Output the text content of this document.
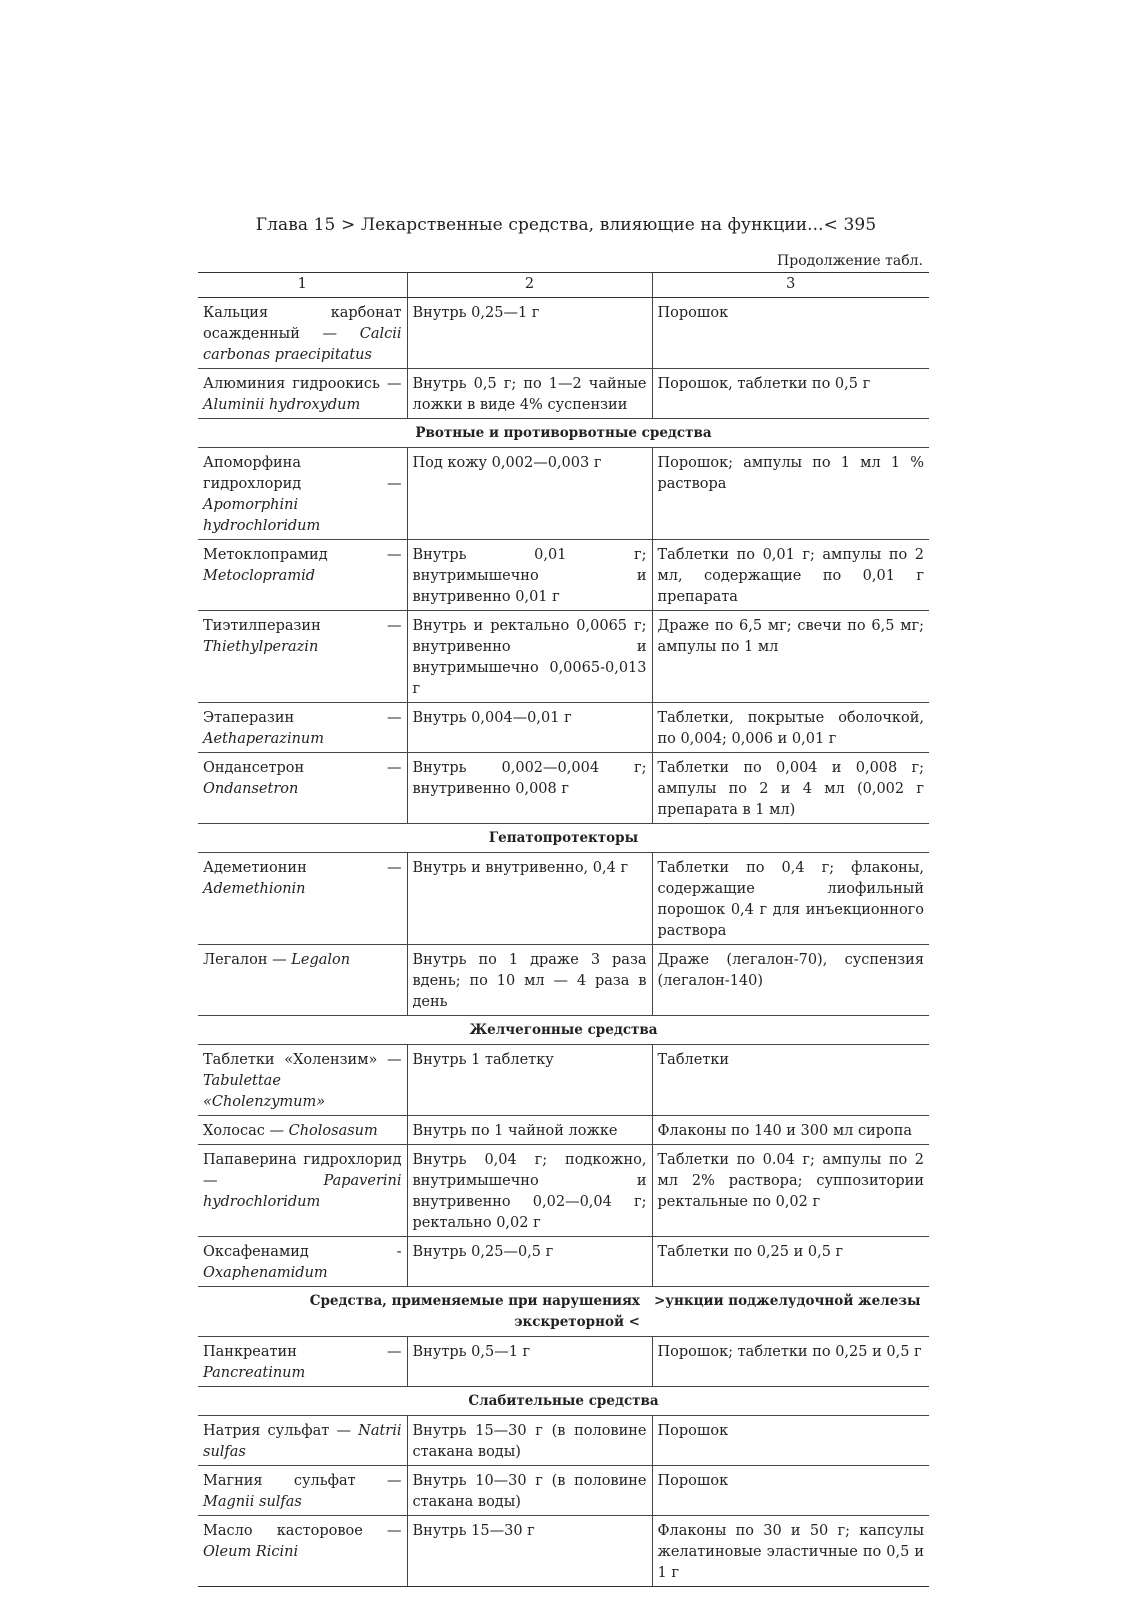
Глава 15 > Лекарственные средства, влияющие на функции...< 395
Продолжение табл.
1	2	3
Кальция карбонат осажденный — Calcii carbonas praecipitatus	Внутрь 0,25—1 г	Порошок
Алюминия гидроокись — Aluminii hydroxydum	Внутрь 0,5 г; по 1—2 чайные ложки в виде 4% суспензии	Порошок, таблетки по 0,5 г
Рвотные и противорвотные средства		
Апоморфина гидрохлорид — Apomorphini hydrochloridum	Под кожу 0,002—0,003 г	Порошок; ампулы по 1 мл 1 % раствора
Метоклопрамид — Metoclopramid	Внутрь 0,01 г; внутримышечно и внутривенно 0,01 г	Таблетки по 0,01 г; ампулы по 2 мл, содержащие по 0,01 г препарата
Тиэтилперазин — Thiethylperazin	Внутрь и ректально 0,0065 г; внутривенно и внутримышечно 0,0065-0,013 г	Драже по 6,5 мг; свечи по 6,5 мг; ампулы по 1 мл
Этаперазин — Aethaperazinum	Внутрь 0,004—0,01 г	Таблетки, покрытые оболочкой, по 0,004; 0,006 и 0,01 г
Ондансетрон — Ondansetron	Внутрь 0,002—0,004 г; внутривенно 0,008 г	Таблетки по 0,004 и 0,008 г; ампулы по 2 и 4 мл (0,002 г препарата в 1 мл)
Гепатопротекторы		
Адеметионин — Ademethionin	Внутрь и внутривенно, 0,4 г	Таблетки по 0,4 г; флаконы, содержащие лиофильный порошок 0,4 г для инъекционного раствора
Легалон — Legalon	Внутрь по 1 драже 3 раза вдень; по 10 мл — 4 раза в день	Драже (легалон-70), суспензия (легалон-140)
Желчегонные средства		
Таблетки «Холензим» — Tabulettae «Cholenzymum»	Внутрь 1 таблетку	Таблетки
Холосас — Cholosasum	Внутрь по 1 чайной ложке	Флаконы по 140 и 300 мл сиропа
Папаверина гидрохлорид — Papaverini hydrochloridum	Внутрь 0,04 г; подкожно, внутримышечно и внутривенно 0,02—0,04 г; ректально 0,02 г	Таблетки по 0.04 г; ампулы по 2 мл 2% раствора; суппозитории ректальные по 0,02 г
Оксафенамид - Oxaphenamidum	Внутрь 0,25—0,5 г	Таблетки по 0,25 и 0,5 г
Средства, применяемые при нарушениях экскреторной <		>ункции поджелудочной железы
Панкреатин — Pancreatinum	Внутрь 0,5—1 г	Порошок; таблетки по 0,25 и 0,5 г
Слабительные средства		
Натрия сульфат — Natrii sulfas	Внутрь 15—30 г (в половине стакана воды)	Порошок
Магния сульфат — Magnii sulfas	Внутрь 10—30 г (в половине стакана воды)	Порошок
Масло касторовое — Oleum Ricini	Внутрь 15—30 г	Флаконы по 30 и 50 г; капсулы желатиновые эластичные по 0,5 и 1 г
